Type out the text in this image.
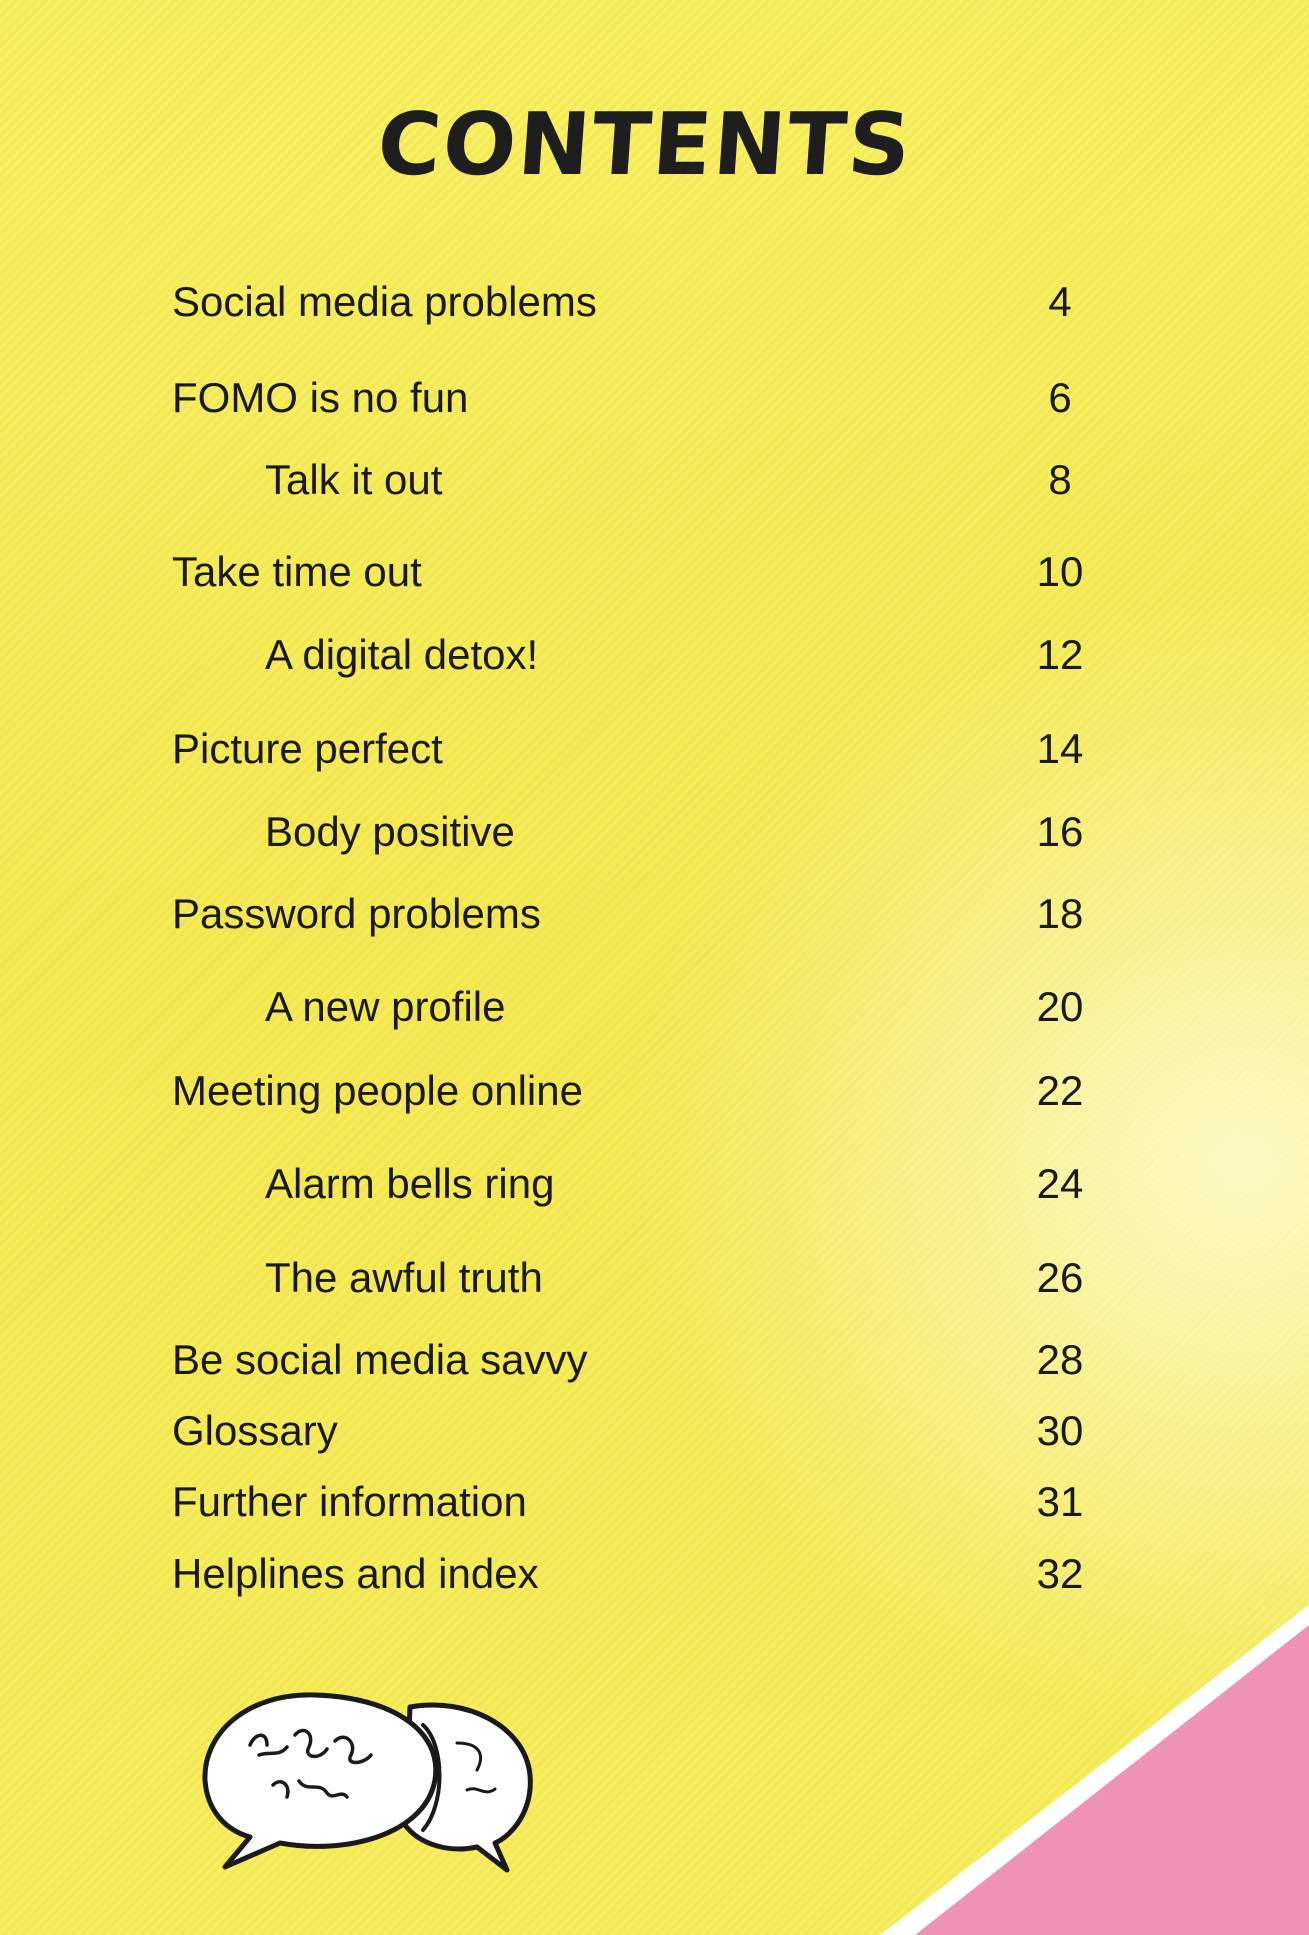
CONTENTS
Social media problems	4
FOMO is no fun	6
Talk it out	8
Take time out	10
A digital detox!	12
Picture perfect	14
Body positive	16
Password problems	18
A new profile	20
Meeting people online	22
Alarm bells ring	24
The awful truth	26
Be social media savvy	28
Glossary	30
Further information	31
Helplines and index	32
